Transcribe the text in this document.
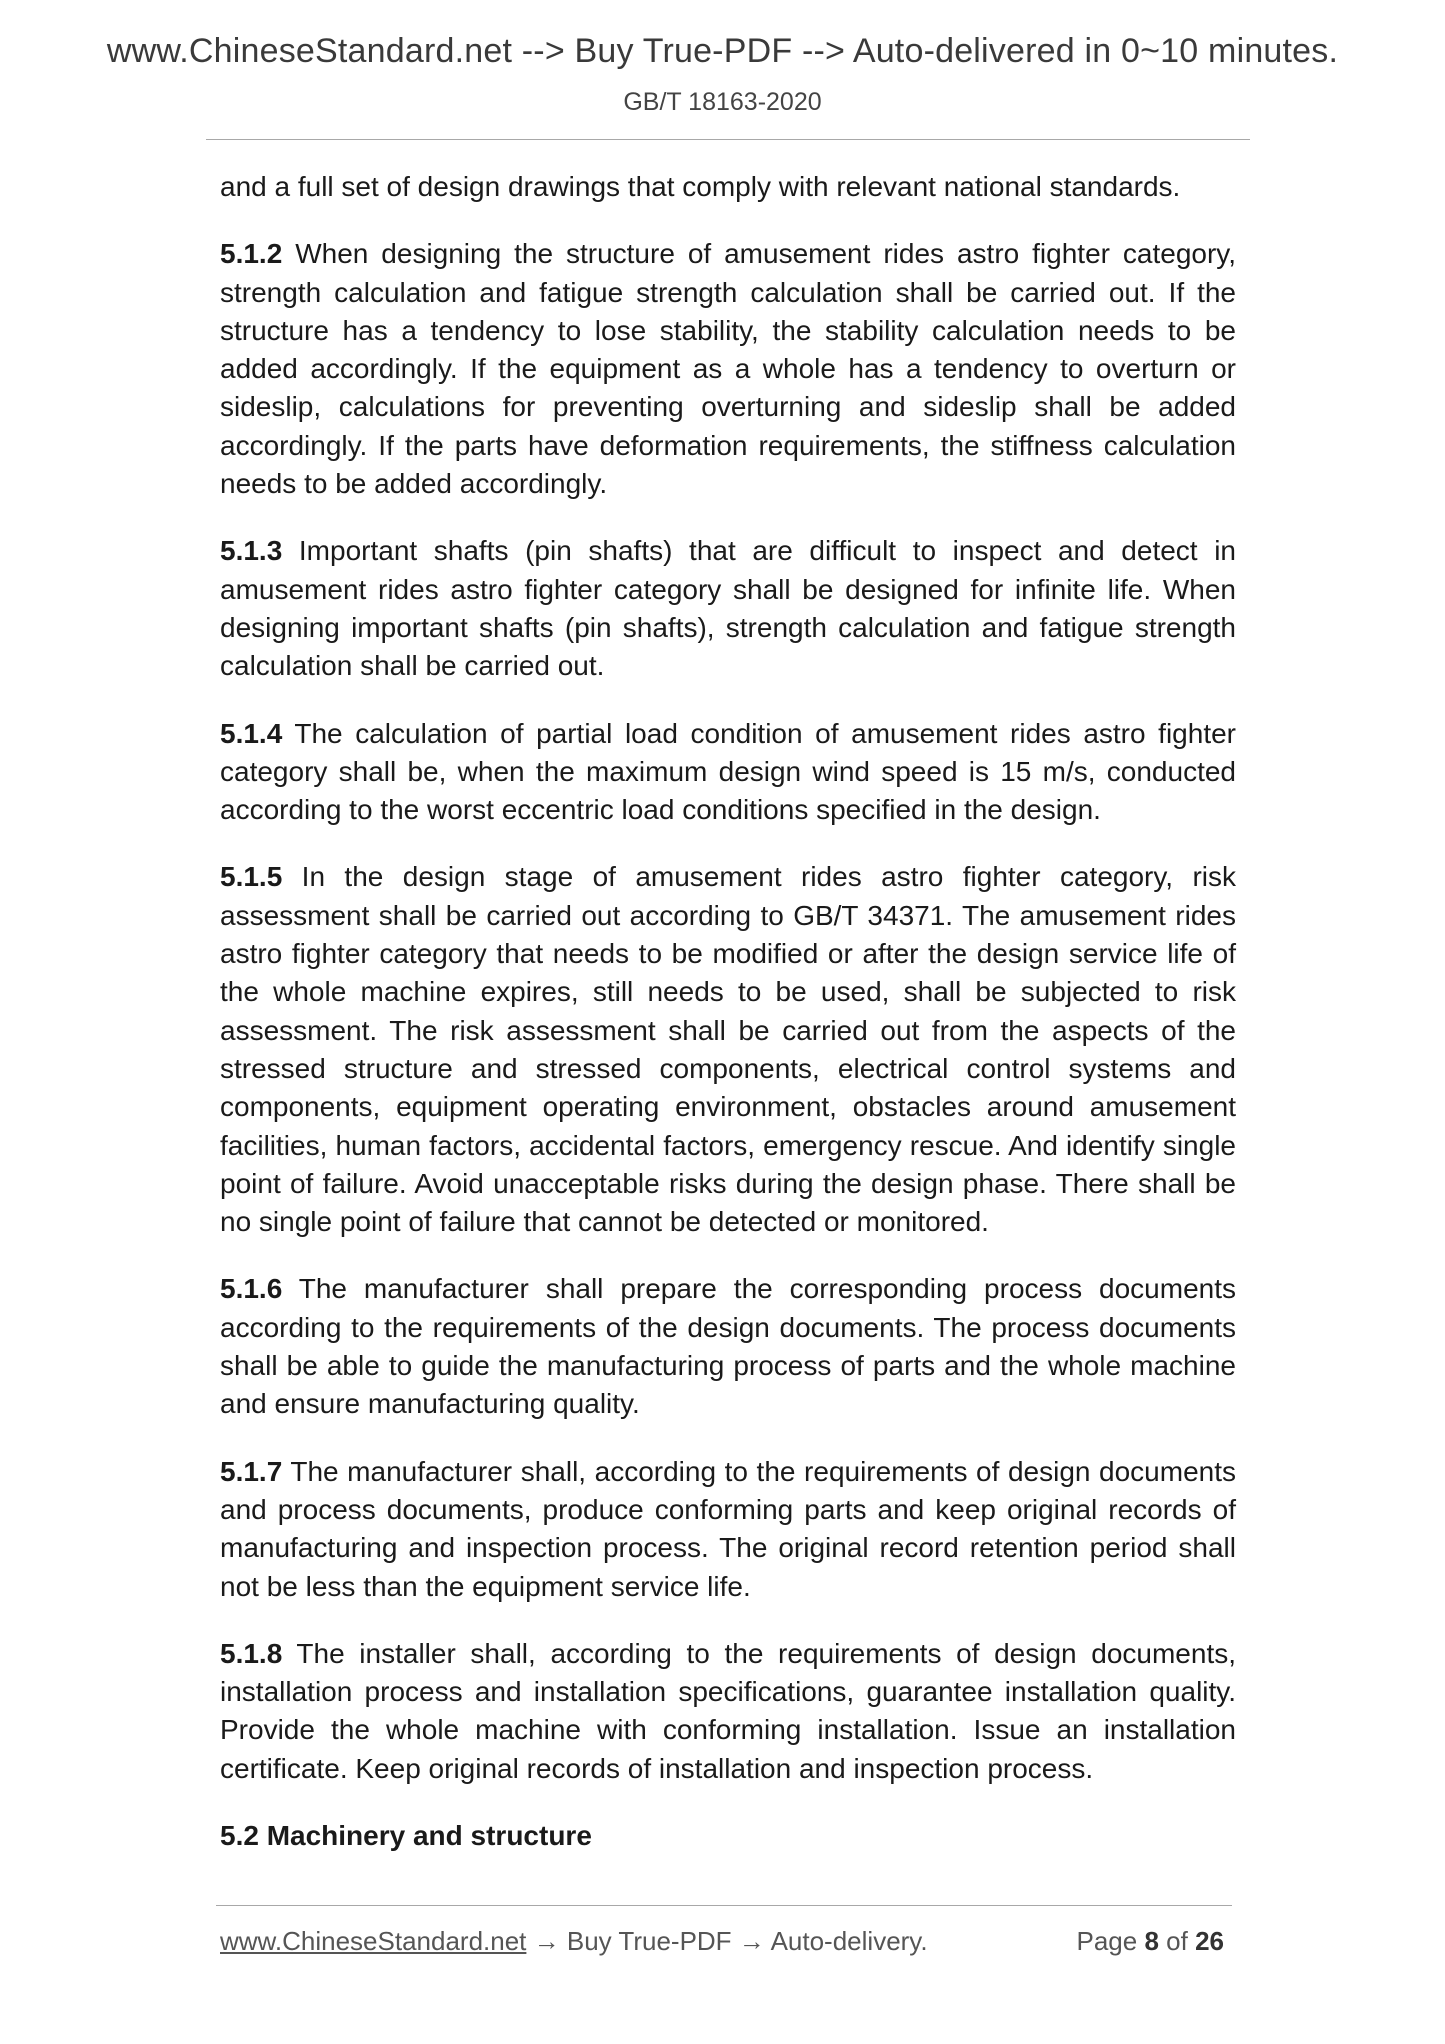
www.ChineseStandard.net --> Buy True-PDF --> Auto-delivered in 0~10 minutes.
GB/T 18163-2020

and a full set of design drawings that comply with relevant national standards.

5.1.2 When designing the structure of amusement rides astro fighter category, strength calculation and fatigue strength calculation shall be carried out. If the structure has a tendency to lose stability, the stability calculation needs to be added accordingly. If the equipment as a whole has a tendency to overturn or sideslip, calculations for preventing overturning and sideslip shall be added accordingly. If the parts have deformation requirements, the stiffness calculation needs to be added accordingly.

5.1.3 Important shafts (pin shafts) that are difficult to inspect and detect in amusement rides astro fighter category shall be designed for infinite life. When designing important shafts (pin shafts), strength calculation and fatigue strength calculation shall be carried out.

5.1.4 The calculation of partial load condition of amusement rides astro fighter category shall be, when the maximum design wind speed is 15 m/s, conducted according to the worst eccentric load conditions specified in the design.

5.1.5 In the design stage of amusement rides astro fighter category, risk assessment shall be carried out according to GB/T 34371. The amusement rides astro fighter category that needs to be modified or after the design service life of the whole machine expires, still needs to be used, shall be subjected to risk assessment. The risk assessment shall be carried out from the aspects of the stressed structure and stressed components, electrical control systems and components, equipment operating environment, obstacles around amusement facilities, human factors, accidental factors, emergency rescue. And identify single point of failure. Avoid unacceptable risks during the design phase. There shall be no single point of failure that cannot be detected or monitored.

5.1.6 The manufacturer shall prepare the corresponding process documents according to the requirements of the design documents. The process documents shall be able to guide the manufacturing process of parts and the whole machine and ensure manufacturing quality.

5.1.7 The manufacturer shall, according to the requirements of design documents and process documents, produce conforming parts and keep original records of manufacturing and inspection process. The original record retention period shall not be less than the equipment service life.

5.1.8 The installer shall, according to the requirements of design documents, installation process and installation specifications, guarantee installation quality. Provide the whole machine with conforming installation. Issue an installation certificate. Keep original records of installation and inspection process.

5.2 Machinery and structure

www.ChineseStandard.net → Buy True-PDF → Auto-delivery.	Page 8 of 26
